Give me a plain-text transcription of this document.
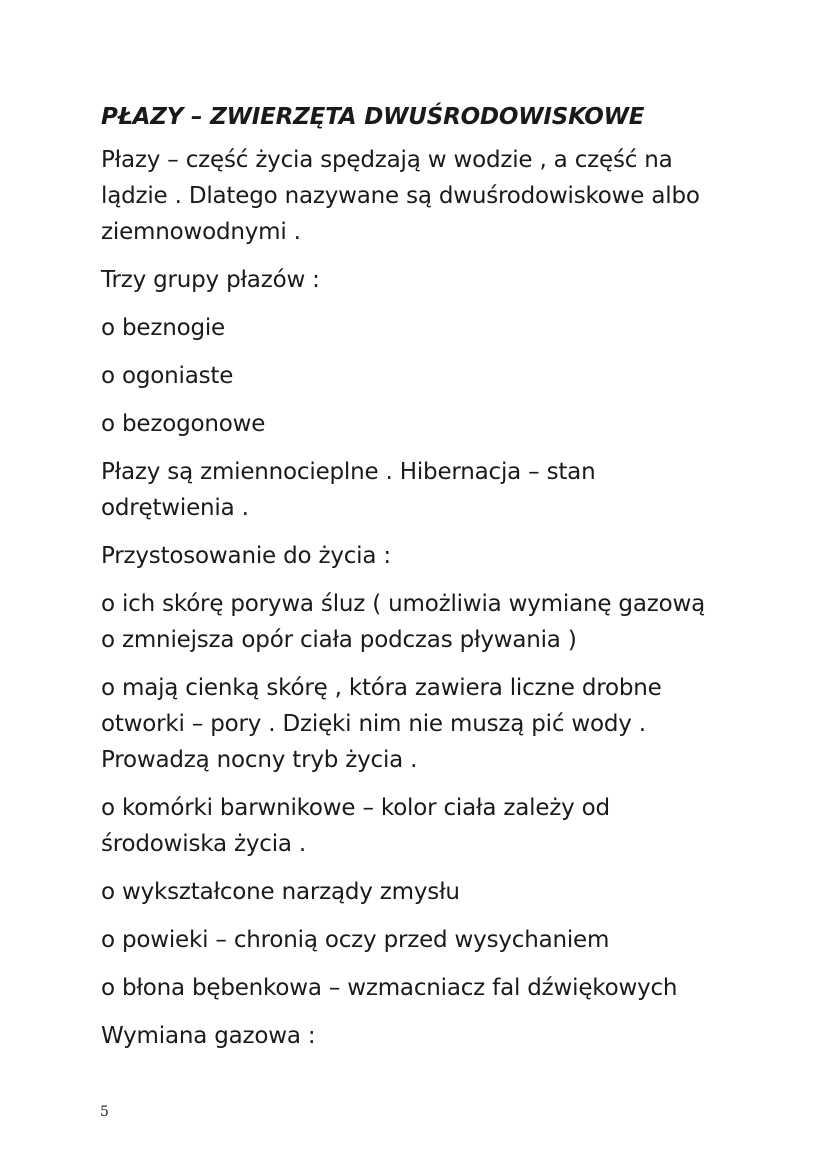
PŁAZY – ZWIERZĘTA DWUŚRODOWISKOWE

Płazy – część życia spędzają w wodzie , a część na
lądzie . Dlatego nazywane są dwuśrodowiskowe albo
ziemnowodnymi .

Trzy grupy płazów :

o beznogie

o ogoniaste

o bezogonowe

Płazy są zmiennocieplne . Hibernacja – stan
odrętwienia .

Przystosowanie do życia :

o ich skórę porywa śluz ( umożliwia wymianę gazową
o zmniejsza opór ciała podczas pływania )

o mają cienką skórę , która zawiera liczne drobne
otworki – pory . Dzięki nim nie muszą pić wody .
Prowadzą nocny tryb życia .

o komórki barwnikowe – kolor ciała zależy od
środowiska życia .

o wykształcone narządy zmysłu

o powieki – chronią oczy przed wysychaniem

o błona bębenkowa – wzmacniacz fal dźwiękowych

Wymiana gazowa :

5
